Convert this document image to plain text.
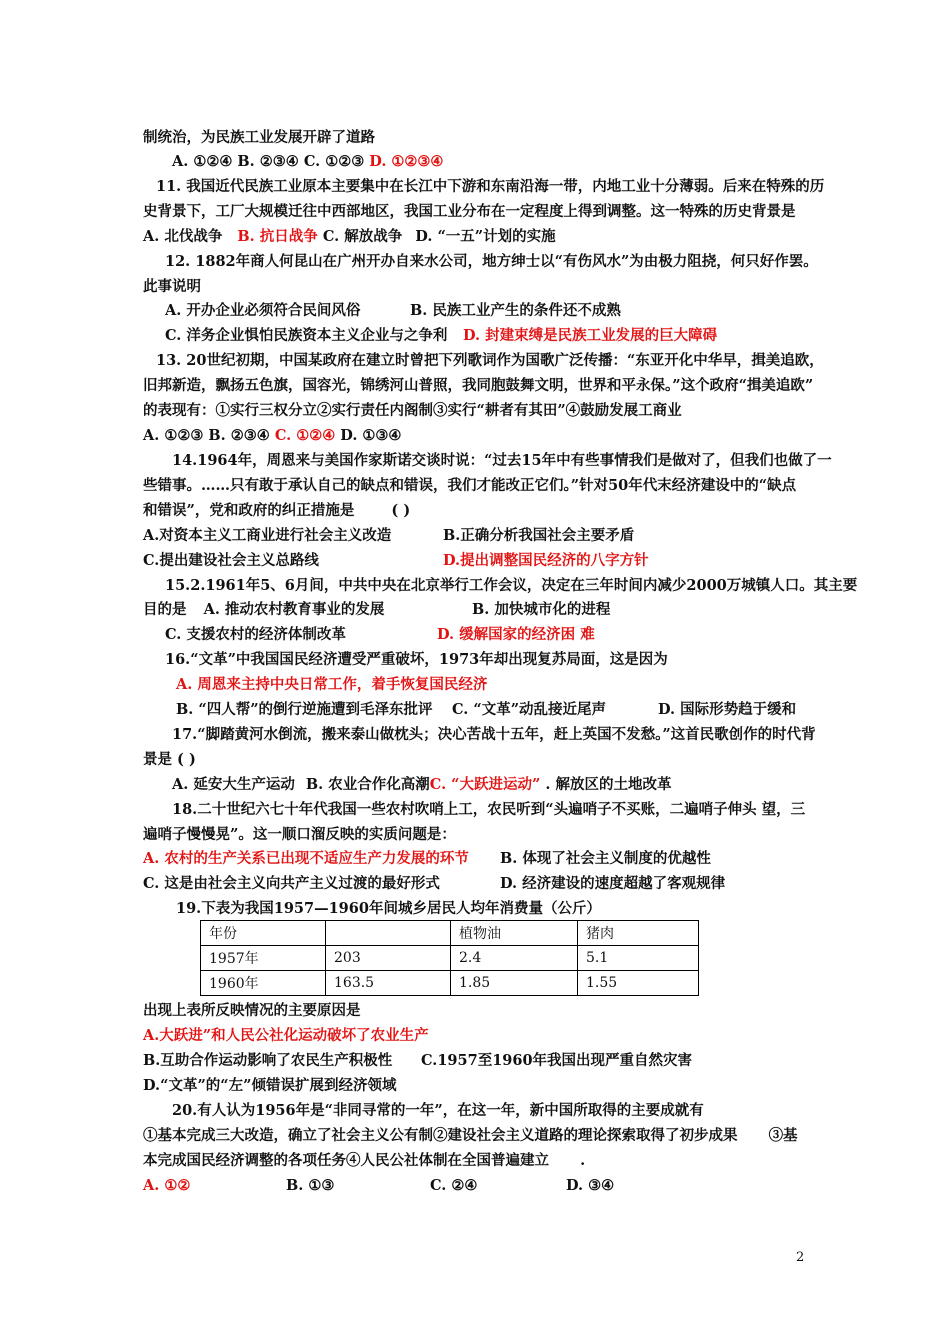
制统治，为民族工业发展开辟了道路
A. ①②④ B. ②③④ C. ①②③ D. ①②③④
11. 我国近代民族工业原本主要集中在长江中下游和东南沿海一带，内地工业十分薄弱。后来在特殊的历
史背景下，工厂大规模迁往中西部地区，我国工业分布在一定程度上得到调整。这一特殊的历史背景是
A. 北伐战争 B. 抗日战争 C. 解放战争 D. “一五”计划的实施
12. 1882年商人何昆山在广州开办自来水公司，地方绅士以“有伤风水”为由极力阻挠，何只好作罢。
此事说明
A. 开办企业必须符合民间风俗	B. 民族工业产生的条件还不成熟
C. 洋务企业惧怕民族资本主义企业与之争利 D. 封建束缚是民族工业发展的巨大障碍
13. 20世纪初期，中国某政府在建立时曾把下列歌词作为国歌广泛传播：“东亚开化中华早，揖美追欧，
旧邦新造，飘扬五色旗，国容光，锦绣河山普照，我同胞鼓舞文明，世界和平永保。”这个政府“揖美追欧”
的表现有：①实行三权分立②实行责任内阁制③实行“耕者有其田”④鼓励发展工商业
A. ①②③ B. ②③④ C. ①②④ D. ①③④
14.1964年，周恩来与美国作家斯诺交谈时说：“过去15年中有些事情我们是做对了，但我们也做了一
些错事。……只有敢于承认自己的缺点和错误，我们才能改正它们。”针对50年代末经济建设中的“缺点
和错误”，党和政府的纠正措施是	( )
A.对资本主义工商业进行社会主义改造	B.正确分析我国社会主要矛盾
C.提出建设社会主义总路线	D.提出调整国民经济的八字方针
15.2.1961年5、6月间，中共中央在北京举行工作会议，决定在三年时间内减少2000万城镇人口。其主要
目的是 A. 推动农村教育事业的发展	B. 加快城市化的进程
C. 支援农村的经济体制改革	D. 缓解国家的经济困 难
16.“文革”中我国国民经济遭受严重破坏，1973年却出现复苏局面，这是因为
A. 周恩来主持中央日常工作，着手恢复国民经济
B. “四人帮”的倒行逆施遭到毛泽东批评 C. “文革”动乱接近尾声	D. 国际形势趋于缓和
17.“脚踏黄河水倒流，搬来泰山做枕头；决心苦战十五年，赶上英国不发愁。”这首民歌创作的时代背
景是 ( )
A. 延安大生产运动 B. 农业合作化高潮C. “大跃进运动” . 解放区的土地改革
18.二十世纪六七十年代我国一些农村吹哨上工，农民听到“头遍哨子不买账，二遍哨子伸头 望，三
遍哨子慢慢晃”。这一顺口溜反映的实质问题是：
A. 农村的生产关系已出现不适应生产力发展的环节 B. 体现了社会主义制度的优越性
C. 这是由社会主义向共产主义过渡的最好形式	D. 经济建设的速度超越了客观规律
19.下表为我国1957—1960年间城乡居民人均年消费量（公斤）
年份		植物油	猪肉
1957年	203	2.4	5.1
1960年	163.5	1.85	1.55
出现上表所反映情况的主要原因是
A.大跃进”和人民公社化运动破坏了农业生产
B.互助合作运动影响了农民生产积极性 C.1957至1960年我国出现严重自然灾害
D.“文革”的“左”倾错误扩展到经济领域
20.有人认为1956年是“非同寻常的一年”，在这一年，新中国所取得的主要成就有
①基本完成三大改造，确立了社会主义公有制②建设社会主义道路的理论探索取得了初步成果 ③基
本完成国民经济调整的各项任务④人民公社体制在全国普遍建立 .
A. ①②	B. ①③	C. ②④	D. ③④
2
